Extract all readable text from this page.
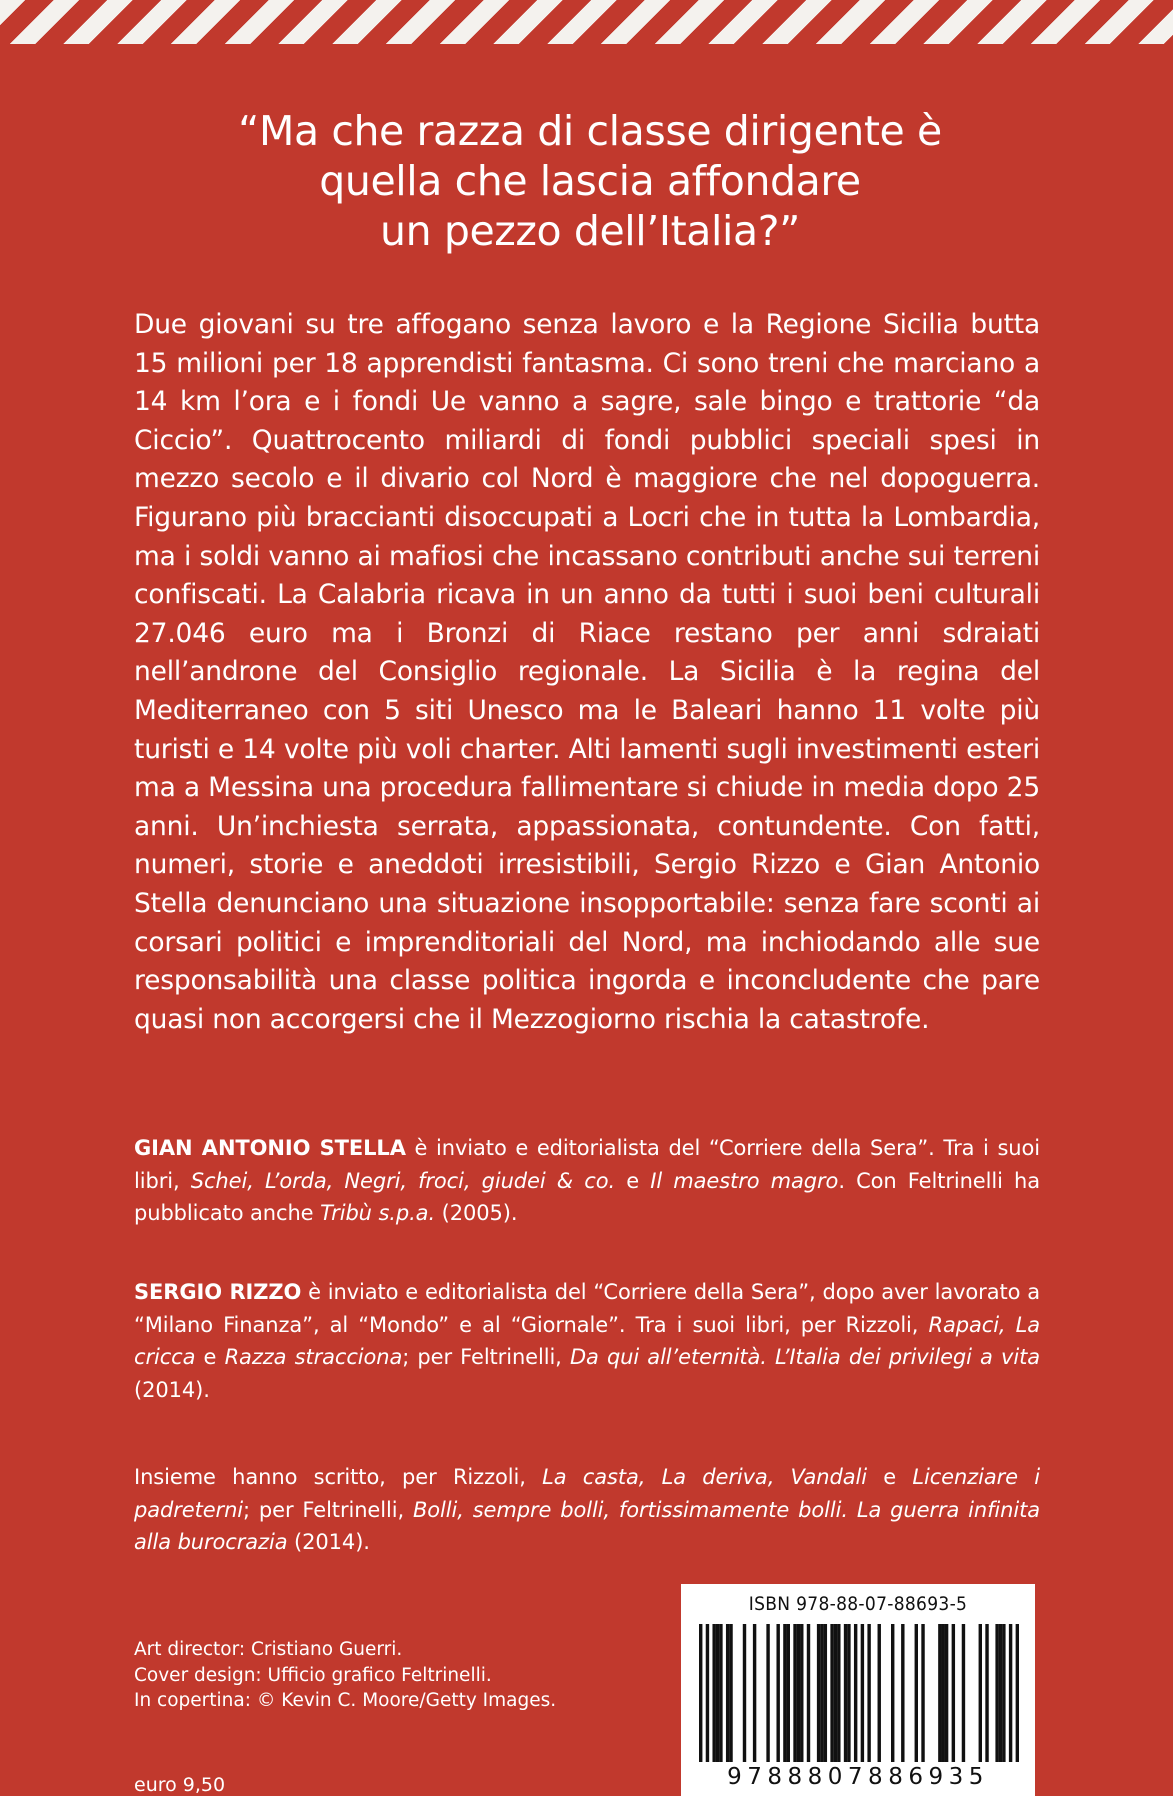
“Ma che razza di classe dirigente è
quella che lascia affondare
un pezzo dell’Italia?”
Due giovani su tre affogano senza lavoro e la Regione Sicilia butta 15 milioni per 18 apprendisti fantasma. Ci sono treni che marciano a 14 km l’ora e i fondi Ue vanno a sagre, sale bingo e trattorie “da Ciccio”. Quattrocento miliardi di fondi pubblici speciali spesi in mezzo secolo e il divario col Nord è maggiore che nel dopoguerra. Figurano più braccianti disoccupati a Locri che in tutta la Lombardia, ma i soldi vanno ai mafiosi che incassano contributi anche sui terreni confiscati. La Calabria ricava in un anno da tutti i suoi beni culturali 27.046 euro ma i Bronzi di Riace restano per anni sdraiati nell’androne del Consiglio regionale. La Sicilia è la regina del Mediterraneo con 5 siti Unesco ma le Baleari hanno 11 volte più turisti e 14 volte più voli charter. Alti lamenti sugli investimenti esteri ma a Messina una procedura fallimentare si chiude in media dopo 25 anni. Un’inchiesta serrata, appassionata, contundente. Con fatti, numeri, storie e aneddoti irresistibili, Sergio Rizzo e Gian Antonio Stella denunciano una situazione insopportabile: senza fare sconti ai corsari politici e imprenditoriali del Nord, ma inchiodando alle sue responsabilità una classe politica ingorda e inconcludente che pare quasi non accorgersi che il Mezzogiorno rischia la catastrofe.
GIAN ANTONIO STELLA è inviato e editorialista del “Corriere della Sera”. Tra i suoi libri, Schei, L’orda, Negri, froci, giudei & co. e Il maestro magro. Con Feltrinelli ha pubblicato anche Tribù s.p.a. (2005).
SERGIO RIZZO è inviato e editorialista del “Corriere della Sera”, dopo aver lavorato a “Milano Finanza”, al “Mondo” e al “Giornale”. Tra i suoi libri, per Rizzoli, Rapaci, La cricca e Razza stracciona; per Feltrinelli, Da qui all’eternità. L’Italia dei privilegi a vita (2014).
Insieme hanno scritto, per Rizzoli, La casta, La deriva, Vandali e Licenziare i padreterni; per Feltrinelli, Bolli, sempre bolli, fortissimamente bolli. La guerra infinita alla burocrazia (2014).
Art director: Cristiano Guerri.
Cover design: Ufficio grafico Feltrinelli.
In copertina: © Kevin C. Moore/Getty Images.
euro 9,50
ISBN 978-88-07-88693-5
9788807886935
